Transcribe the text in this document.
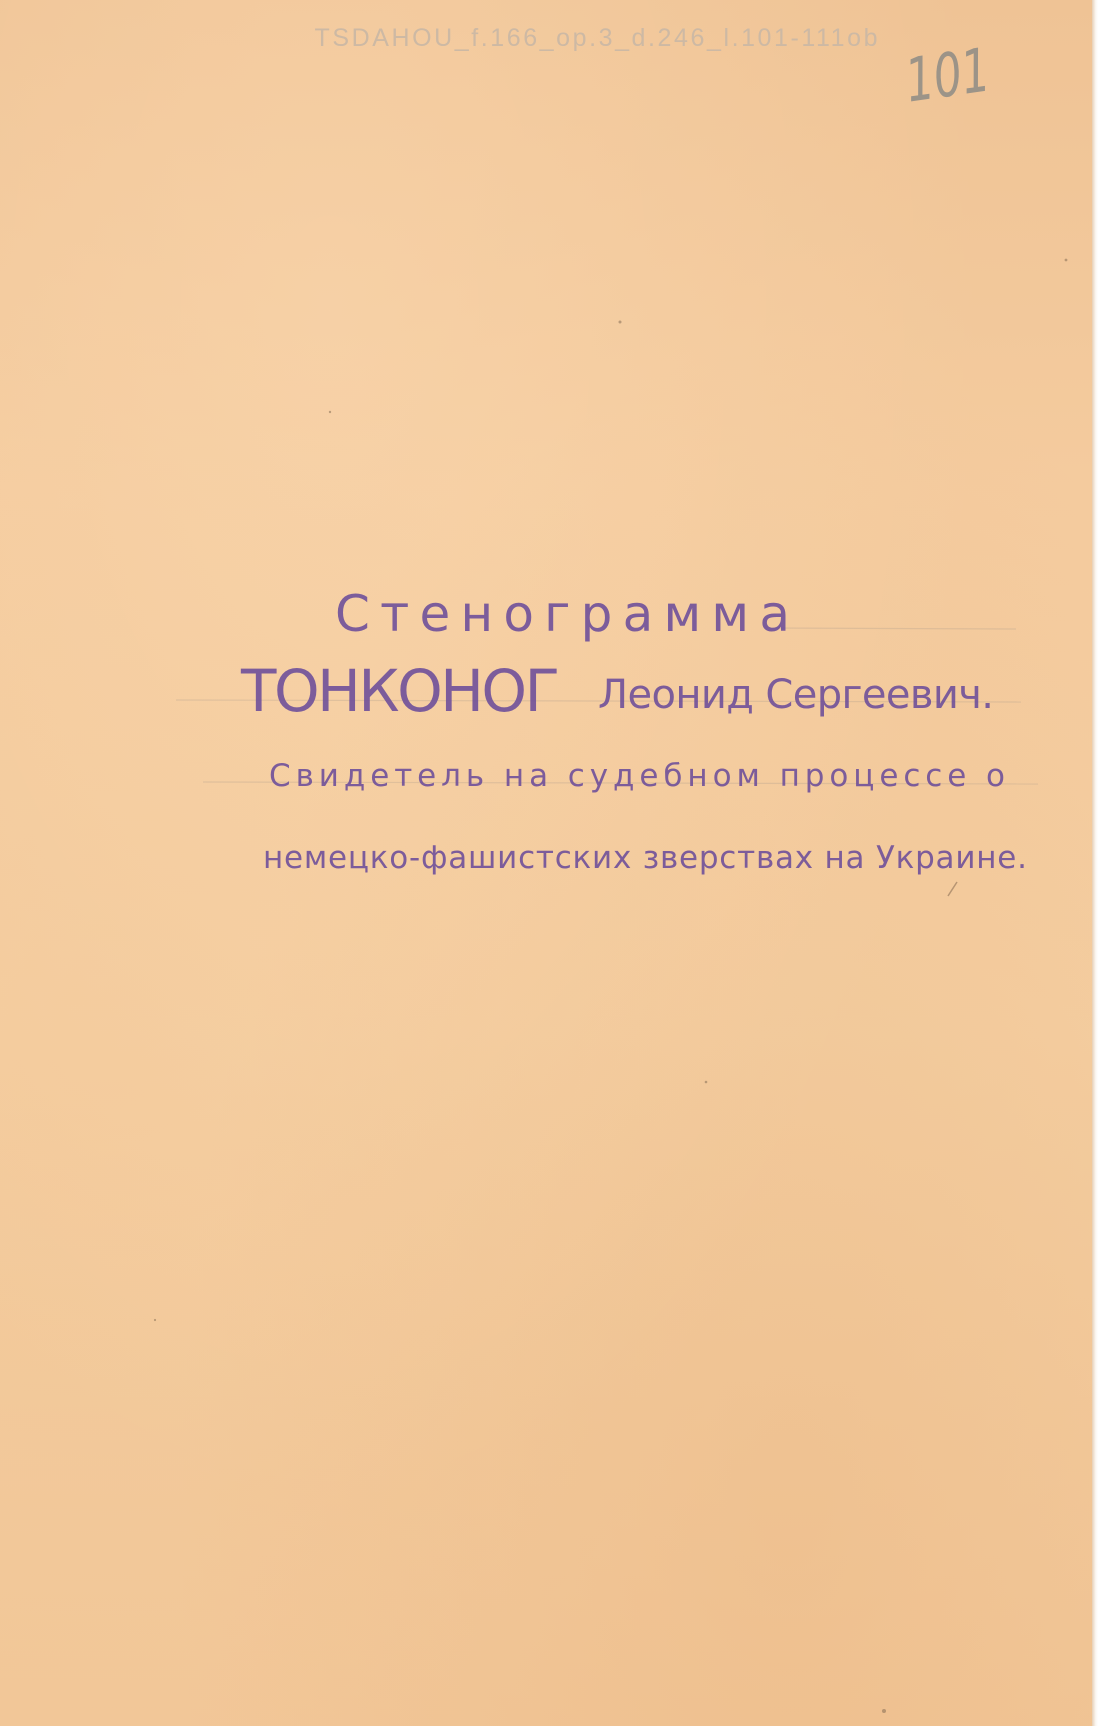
TSDAHOU_f.166_op.3_d.246_l.101-111ob 101
Стенограмма
ТОНКОНОГ Леонид Сергеевич.
Свидетель на судебном процессе о
немецко-фашистских зверствах на Украине.
